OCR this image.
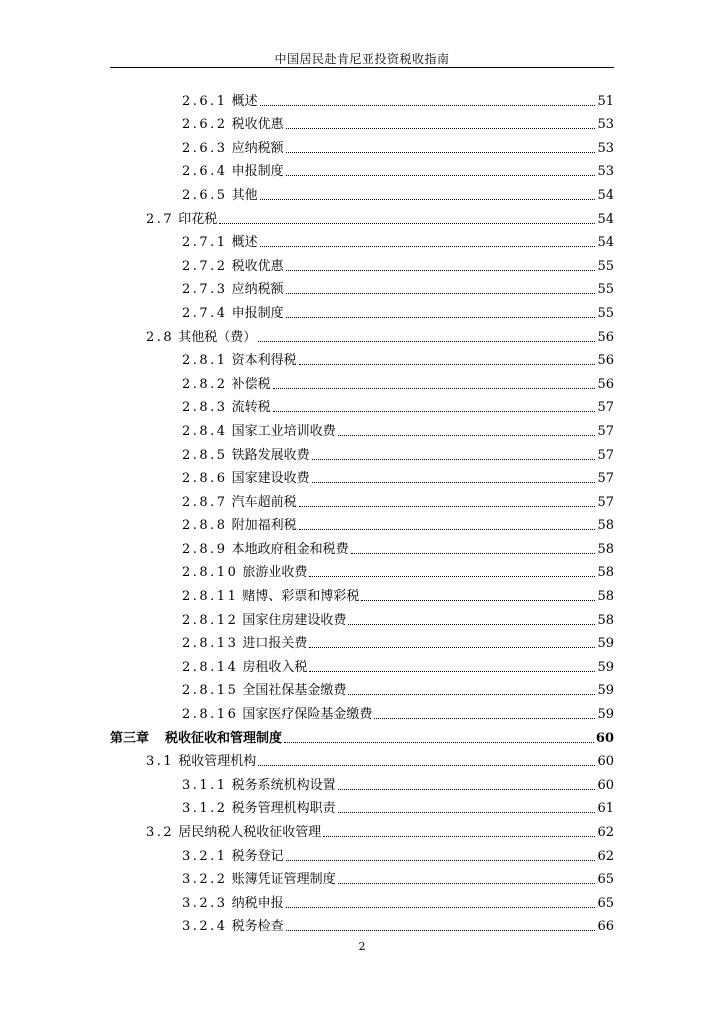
中国居民赴肯尼亚投资税收指南
2.6.1 概述	51
2.6.2 税收优惠	53
2.6.3 应纳税额	53
2.6.4 申报制度	53
2.6.5 其他	54
2.7 印花税	54
2.7.1 概述	54
2.7.2 税收优惠	55
2.7.3 应纳税额	55
2.7.4 申报制度	55
2.8 其他税（费）	56
2.8.1 资本利得税	56
2.8.2 补偿税	56
2.8.3 流转税	57
2.8.4 国家工业培训收费	57
2.8.5 铁路发展收费	57
2.8.6 国家建设收费	57
2.8.7 汽车超前税	57
2.8.8 附加福利税	58
2.8.9 本地政府租金和税费	58
2.8.10 旅游业收费	58
2.8.11 赌博、彩票和博彩税	58
2.8.12 国家住房建设收费	58
2.8.13 进口报关费	59
2.8.14 房租收入税	59
2.8.15 全国社保基金缴费	59
2.8.16 国家医疗保险基金缴费	59
第三章 税收征收和管理制度	60
3.1 税收管理机构	60
3.1.1 税务系统机构设置	60
3.1.2 税务管理机构职责	61
3.2 居民纳税人税收征收管理	62
3.2.1 税务登记	62
3.2.2 账簿凭证管理制度	65
3.2.3 纳税申报	65
3.2.4 税务检查	66
2
